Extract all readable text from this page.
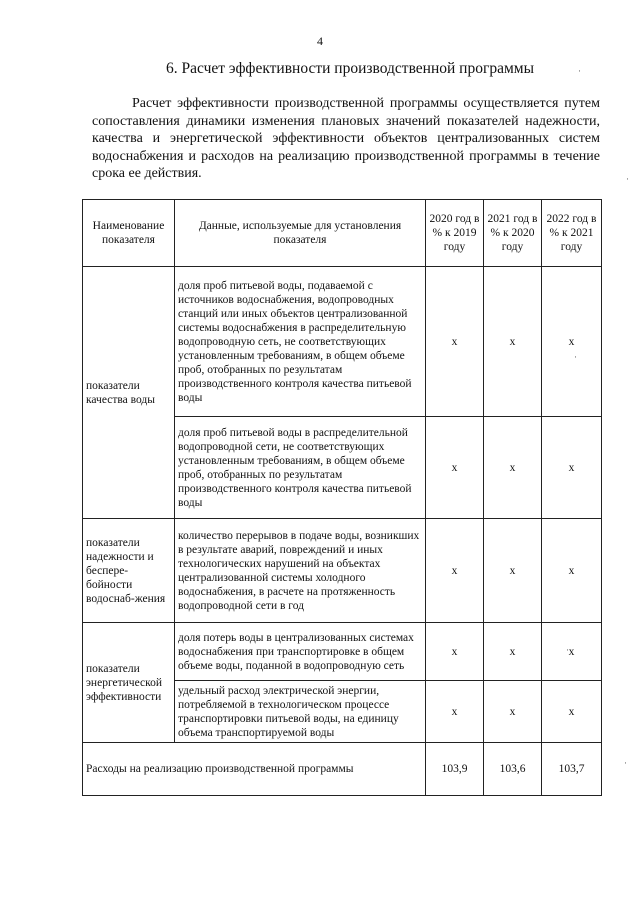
4
6. Расчет эффективности производственной программы

Расчет эффективности производственной программы осуществляется путем сопоставления динамики изменения плановых значений показателей надежности, качества и энергетической эффективности объектов централизованных систем водоснабжения и расходов на реализацию производственной программы в течение срока ее действия.

Наименование показателя	Данные, используемые для установления показателя	2020 год в % к 2019 году	2021 год в % к 2020 году	2022 год в % к 2021 году
показатели качества воды	доля проб питьевой воды, подаваемой с источников водоснабжения, водопроводных станций или иных объектов централизованной системы водоснабжения в распределительную водопроводную сеть, не соответствующих установленным требованиям, в общем объеме проб, отобранных по результатам производственного контроля качества питьевой воды	х	х	х
	доля проб питьевой воды в распределительной водопроводной сети, не соответствующих установленным требованиям, в общем объеме проб, отобранных по результатам производственного контроля качества питьевой воды	х	х	х
показатели надежности и беспере-бойности водоснаб-жения	количество перерывов в подаче воды, возникших в результате аварий, повреждений и иных технологических нарушений на объектах централизованной системы холодного водоснабжения, в расчете на протяженность водопроводной сети в год	х	х	х
показатели энергетической эффективности	доля потерь воды в централизованных системах водоснабжения при транспортировке в общем объеме воды, поданной в водопроводную сеть	х	х	х
	удельный расход электрической энергии, потребляемой в технологическом процессе транспортировки питьевой воды, на единицу объема транспортируемой воды	х	х	х
Расходы на реализацию производственной программы		103,9	103,6	103,7
·
·
·
·
·
